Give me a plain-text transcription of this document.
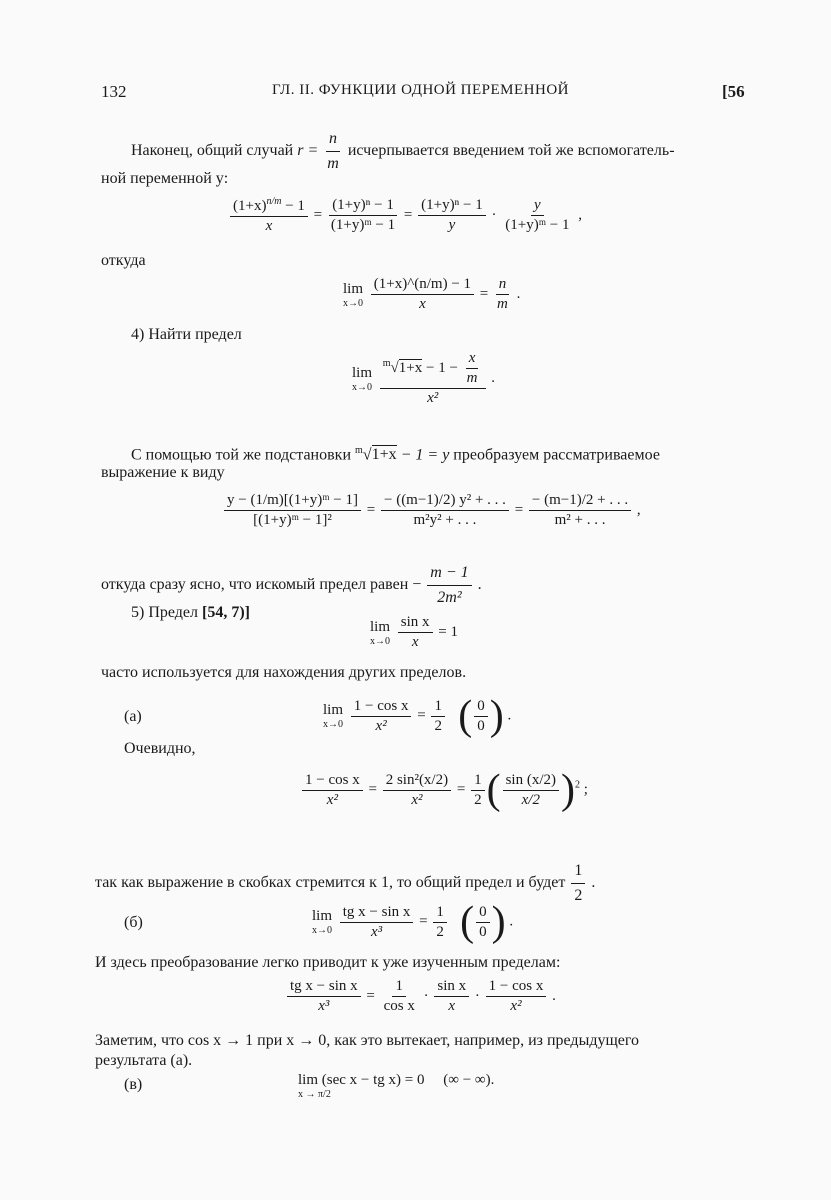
132	ГЛ. II. ФУНКЦИИ ОДНОЙ ПЕРЕМЕННОЙ	[56
Наконец, общий случай $r = \frac{n}{m}$ исчерпывается введением той же вспомогатель-
ной переменной y:
$\frac{(1+x)^{n/m} - 1}{x} = \frac{\text{(1+y)ⁿ − 1}}{\text{(1+y)ᵐ − 1}} = \frac{\text{(1+y)ⁿ − 1}}{y} \cdot \frac{y}{\text{(1+y)ᵐ − 1}}$ ,
откуда
lim
x→0
$\frac{(1+x)\^{}(n/m) - 1}{x} = \frac{n}{m}$ .
4) Найти предел
lim
x→0
$\frac{^m√1+x - 1 - \frac{x}{m}}{\text{x²}}$ .
С помощью той же подстановки $^m$√1+x − 1 = y преобразуем рассматриваемое
выражение к виду
$\frac{\text{y − (1/m)[(1+y)ᵐ − 1]}}{\text{[(1+y)ᵐ − 1]²}} = \frac{\text{− ((m−1)/2) y² + . . .}}{\text{m²y² + . . .}} = \frac{- (m-1)/2 + . . .}{\text{m² + . . .}}$ ,
откуда сразу ясно, что искомый предел равен − $\frac{m - 1}{\text{2m²}}$ .
5) Предел [54, 7)]
lim
x→0
$\frac{\text{sin x}}{x} = 1$
часто используется для нахождения других пределов.
(а)	lim
x→0
$\frac{\text{1 − cos x}}{\text{x²}} = \frac{1}{2}$ ( $\frac{0}{0}$ ) .
Очевидно,
$\frac{\text{1 − cos x}}{\text{x²}} = \frac{\text{2 sin²(x/2)}}{\text{x²}} = \frac{1}{2}$ ( $\frac{\sin (x/2)}{x/2} )^2$ ;
так как выражение в скобках стремится к 1, то общий предел и будет $\frac{1}{2}$ .
(б)	lim
x→0
$\frac{\text{tg x − sin x}}{\text{x³}} = \frac{1}{2}$ ( $\frac{0}{0}$ ) .
И здесь преобразование легко приводит к уже изученным пределам:
$\frac{\text{tg x − sin x}}{\text{x³}} = \frac{1}{\text{cos x}} \cdot \frac{\text{sin x}}{x} \cdot \frac{\text{1 − cos x}}{\text{x²}}$ .
Заметим, что cos x → 1 при x → 0, как это вытекает, например, из предыдущего
результата (а).
(в)	lim (sec x − tg x) = 0 (∞ − ∞).
x → π/2
